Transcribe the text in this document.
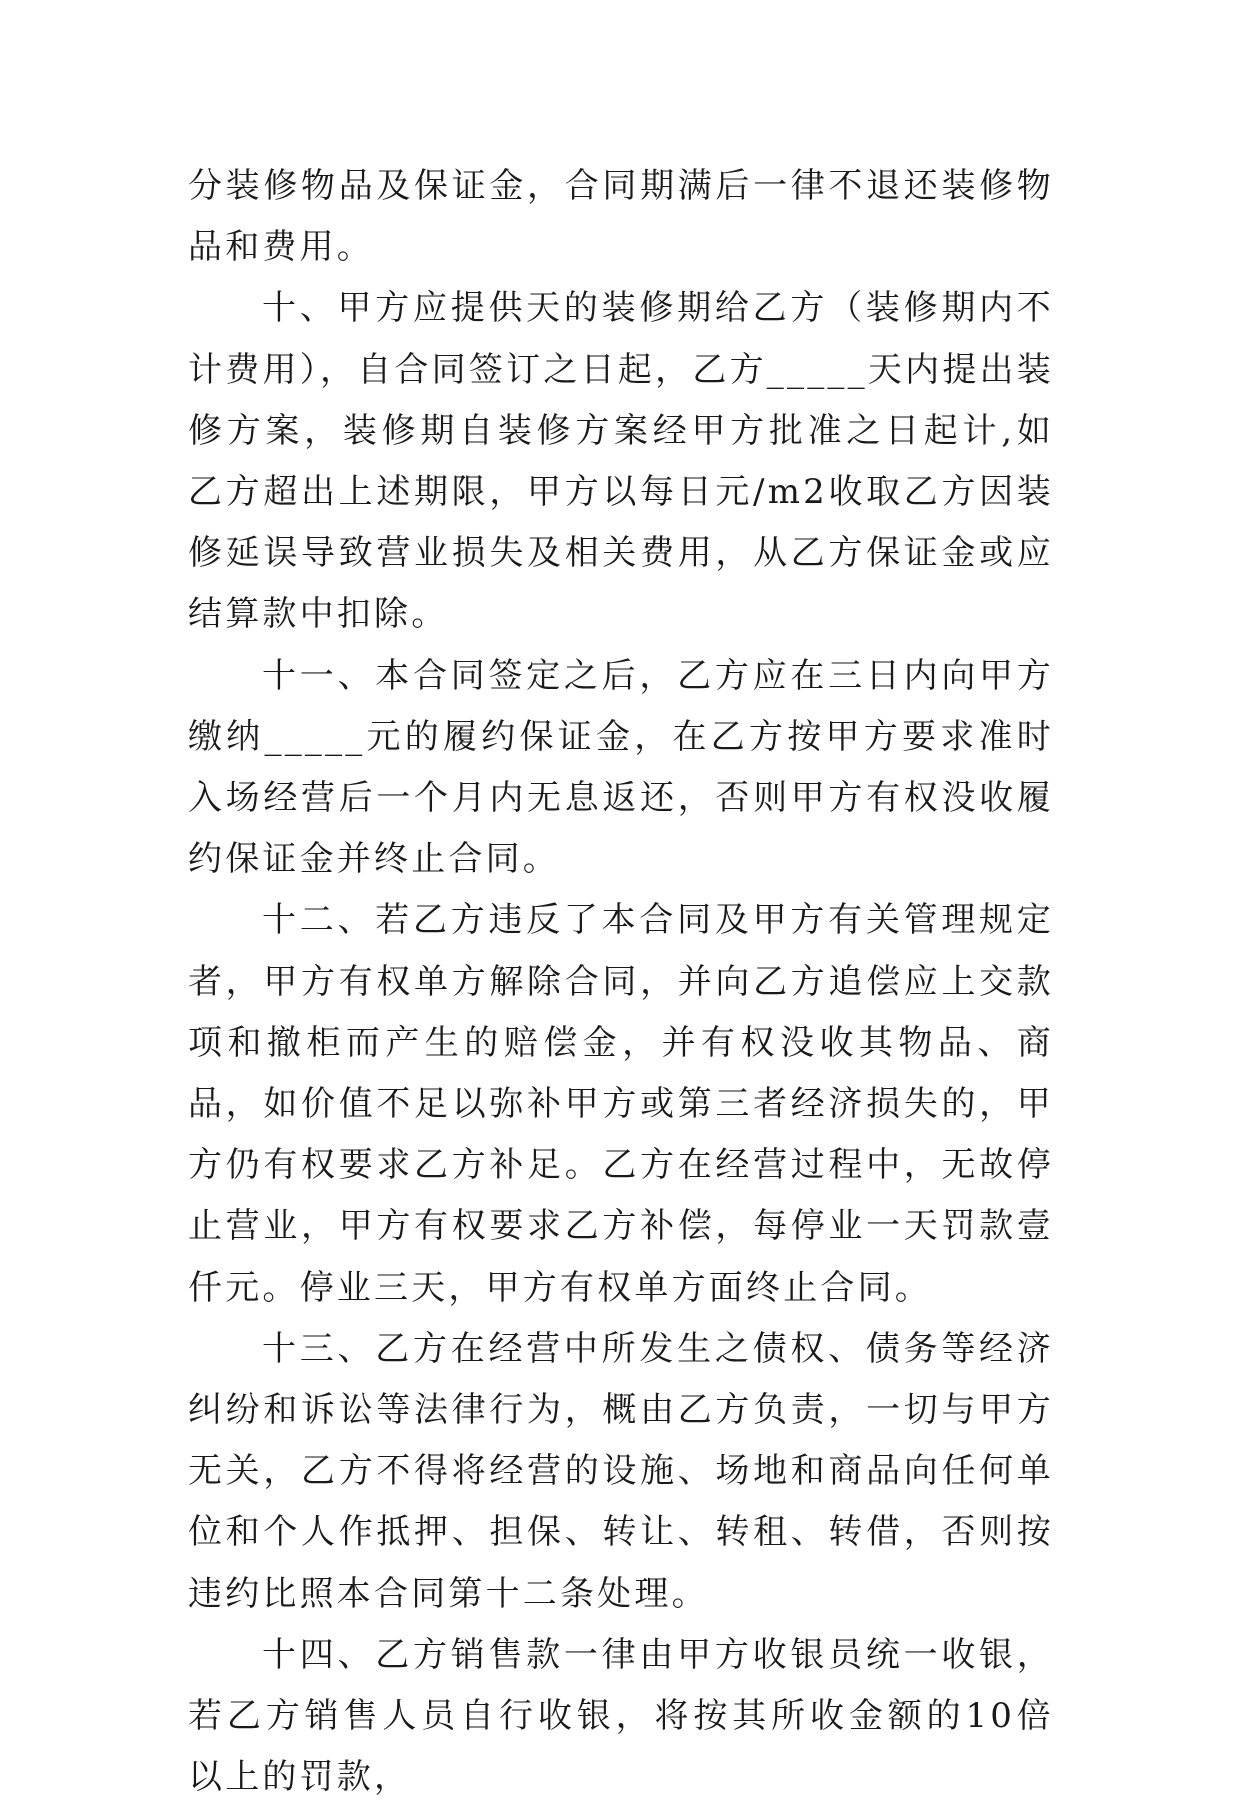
分装修物品及保证金，合同期满后一律不退还装修物品和费用。

十、甲方应提供天的装修期给乙方（装修期内不计费用），自合同签订之日起，乙方_____天内提出装修方案，装修期自装修方案经甲方批准之日起计,如乙方超出上述期限，甲方以每日元/m2收取乙方因装修延误导致营业损失及相关费用，从乙方保证金或应结算款中扣除。

十一、本合同签定之后，乙方应在三日内向甲方缴纳_____元的履约保证金，在乙方按甲方要求准时入场经营后一个月内无息返还，否则甲方有权没收履约保证金并终止合同。

十二、若乙方违反了本合同及甲方有关管理规定者，甲方有权单方解除合同，并向乙方追偿应上交款项和撤柜而产生的赔偿金，并有权没收其物品、商品，如价值不足以弥补甲方或第三者经济损失的，甲方仍有权要求乙方补足。乙方在经营过程中，无故停止营业，甲方有权要求乙方补偿，每停业一天罚款壹仟元。停业三天，甲方有权单方面终止合同。

十三、乙方在经营中所发生之债权、债务等经济纠纷和诉讼等法律行为，概由乙方负责，一切与甲方无关，乙方不得将经营的设施、场地和商品向任何单位和个人作抵押、担保、转让、转租、转借，否则按违约比照本合同第十二条处理。

十四、乙方销售款一律由甲方收银员统一收银，若乙方销售人员自行收银，将按其所收金额的10倍以上的罚款，
